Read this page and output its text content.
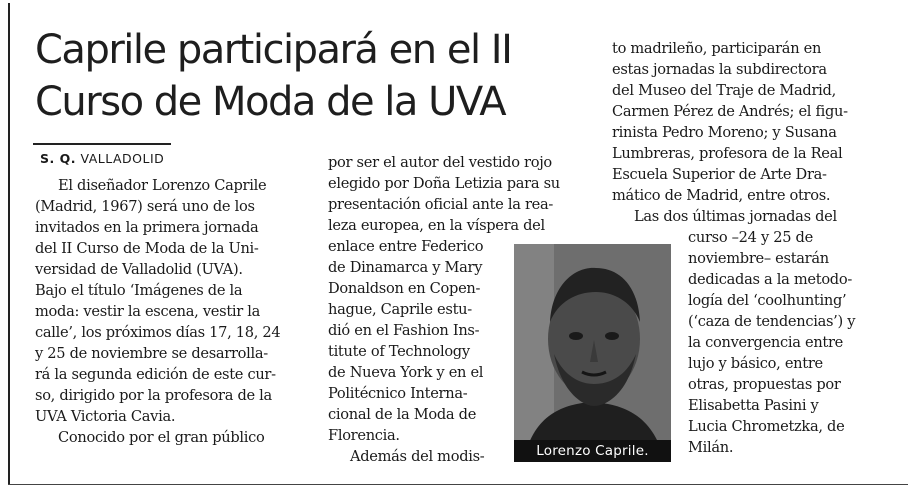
Caprile participará en el II
Curso de Moda de la UVA
S. Q. VALLADOLID
El diseñador Lorenzo Caprile
(Madrid, 1967) será uno de los
invitados en la primera jornada
del II Curso de Moda de la Uni-
versidad de Valladolid (UVA).
Bajo el título ‘Imágenes de la
moda: vestir la escena, vestir la
calle’, los próximos días 17, 18, 24
y 25 de noviembre se desarrolla-
rá la segunda edición de este cur-
so, dirigido por la profesora de la
UVA Victoria Cavia.
Conocido por el gran público
por ser el autor del vestido rojo
elegido por Doña Letizia para su
presentación oficial ante la rea-
leza europea, en la víspera del
enlace entre Federico
de Dinamarca y Mary
Donaldson en Copen-
hague, Caprile estu-
dió en el Fashion Ins-
titute of Technology
de Nueva York y en el
Politécnico Interna-
cional de la Moda de
Florencia.
Además del modis-	Lorenzo Caprile.
to madrileño, participarán en
estas jornadas la subdirectora
del Museo del Traje de Madrid,
Carmen Pérez de Andrés; el figu-
rinista Pedro Moreno; y Susana
Lumbreras, profesora de la Real
Escuela Superior de Arte Dra-
mático de Madrid, entre otros.
Las dos últimas jornadas del
curso –24 y 25 de
noviembre– estarán
dedicadas a la metodo-
logía del ‘coolhunting’
(‘caza de tendencias’) y
la convergencia entre
lujo y básico, entre
otras, propuestas por
Elisabetta Pasini y
Lucia Chrometzka, de
Milán.
